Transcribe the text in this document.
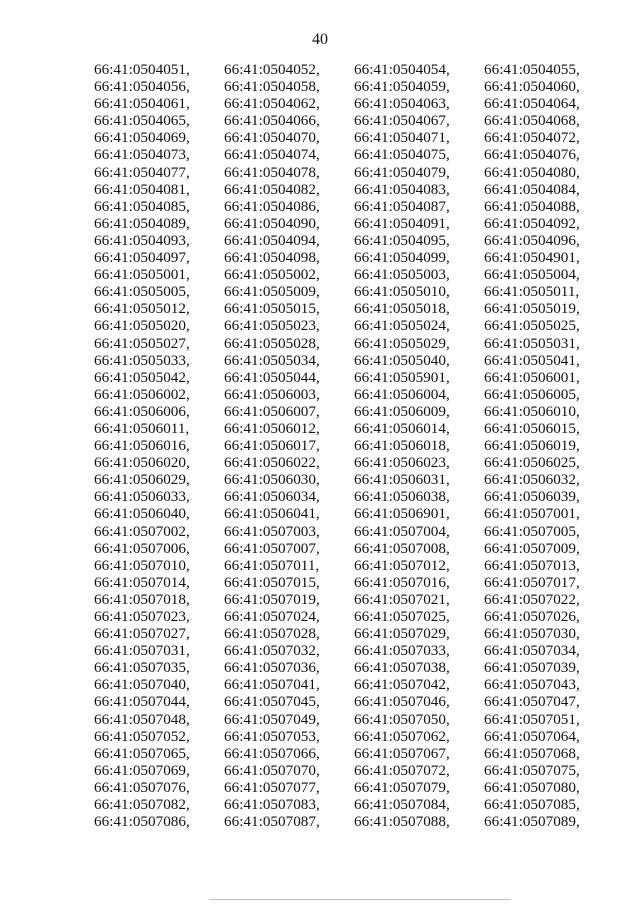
40
66:41:0504051,	66:41:0504052,	66:41:0504054,	66:41:0504055,
66:41:0504056,	66:41:0504058,	66:41:0504059,	66:41:0504060,
66:41:0504061,	66:41:0504062,	66:41:0504063,	66:41:0504064,
66:41:0504065,	66:41:0504066,	66:41:0504067,	66:41:0504068,
66:41:0504069,	66:41:0504070,	66:41:0504071,	66:41:0504072,
66:41:0504073,	66:41:0504074,	66:41:0504075,	66:41:0504076,
66:41:0504077,	66:41:0504078,	66:41:0504079,	66:41:0504080,
66:41:0504081,	66:41:0504082,	66:41:0504083,	66:41:0504084,
66:41:0504085,	66:41:0504086,	66:41:0504087,	66:41:0504088,
66:41:0504089,	66:41:0504090,	66:41:0504091,	66:41:0504092,
66:41:0504093,	66:41:0504094,	66:41:0504095,	66:41:0504096,
66:41:0504097,	66:41:0504098,	66:41:0504099,	66:41:0504901,
66:41:0505001,	66:41:0505002,	66:41:0505003,	66:41:0505004,
66:41:0505005,	66:41:0505009,	66:41:0505010,	66:41:0505011,
66:41:0505012,	66:41:0505015,	66:41:0505018,	66:41:0505019,
66:41:0505020,	66:41:0505023,	66:41:0505024,	66:41:0505025,
66:41:0505027,	66:41:0505028,	66:41:0505029,	66:41:0505031,
66:41:0505033,	66:41:0505034,	66:41:0505040,	66:41:0505041,
66:41:0505042,	66:41:0505044,	66:41:0505901,	66:41:0506001,
66:41:0506002,	66:41:0506003,	66:41:0506004,	66:41:0506005,
66:41:0506006,	66:41:0506007,	66:41:0506009,	66:41:0506010,
66:41:0506011,	66:41:0506012,	66:41:0506014,	66:41:0506015,
66:41:0506016,	66:41:0506017,	66:41:0506018,	66:41:0506019,
66:41:0506020,	66:41:0506022,	66:41:0506023,	66:41:0506025,
66:41:0506029,	66:41:0506030,	66:41:0506031,	66:41:0506032,
66:41:0506033,	66:41:0506034,	66:41:0506038,	66:41:0506039,
66:41:0506040,	66:41:0506041,	66:41:0506901,	66:41:0507001,
66:41:0507002,	66:41:0507003,	66:41:0507004,	66:41:0507005,
66:41:0507006,	66:41:0507007,	66:41:0507008,	66:41:0507009,
66:41:0507010,	66:41:0507011,	66:41:0507012,	66:41:0507013,
66:41:0507014,	66:41:0507015,	66:41:0507016,	66:41:0507017,
66:41:0507018,	66:41:0507019,	66:41:0507021,	66:41:0507022,
66:41:0507023,	66:41:0507024,	66:41:0507025,	66:41:0507026,
66:41:0507027,	66:41:0507028,	66:41:0507029,	66:41:0507030,
66:41:0507031,	66:41:0507032,	66:41:0507033,	66:41:0507034,
66:41:0507035,	66:41:0507036,	66:41:0507038,	66:41:0507039,
66:41:0507040,	66:41:0507041,	66:41:0507042,	66:41:0507043,
66:41:0507044,	66:41:0507045,	66:41:0507046,	66:41:0507047,
66:41:0507048,	66:41:0507049,	66:41:0507050,	66:41:0507051,
66:41:0507052,	66:41:0507053,	66:41:0507062,	66:41:0507064,
66:41:0507065,	66:41:0507066,	66:41:0507067,	66:41:0507068,
66:41:0507069,	66:41:0507070,	66:41:0507072,	66:41:0507075,
66:41:0507076,	66:41:0507077,	66:41:0507079,	66:41:0507080,
66:41:0507082,	66:41:0507083,	66:41:0507084,	66:41:0507085,
66:41:0507086,	66:41:0507087,	66:41:0507088,	66:41:0507089,
